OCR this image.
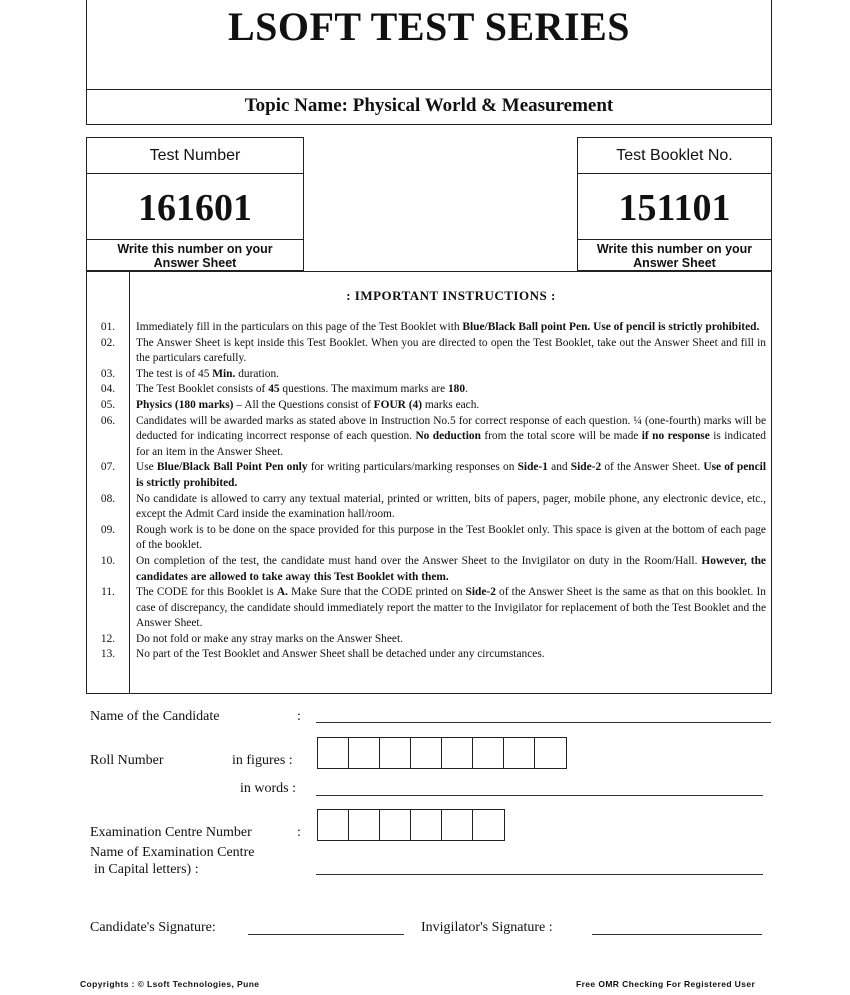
LSOFT TEST SERIES
Topic Name: Physical World & Measurement
Test Number
161601
Write this number on your
Answer Sheet
Test Booklet No.
151101
Write this number on your
Answer Sheet
: IMPORTANT INSTRUCTIONS :
01.	Immediately fill in the particulars on this page of the Test Booklet with Blue/Black Ball point Pen. Use of pencil is strictly prohibited.
02.	The Answer Sheet is kept inside this Test Booklet. When you are directed to open the Test Booklet, take out the Answer Sheet and fill in the particulars carefully.
03.	The test is of 45 Min. duration.
04.	The Test Booklet consists of 45 questions. The maximum marks are 180.
05.	Physics (180 marks) – All the Questions consist of FOUR (4) marks each.
06.	Candidates will be awarded marks as stated above in Instruction No.5 for correct response of each question. ¼ (one-fourth) marks will be deducted for indicating incorrect response of each question. No deduction from the total score will be made if no response is indicated for an item in the Answer Sheet.
07.	Use Blue/Black Ball Point Pen only for writing particulars/marking responses on Side-1 and Side-2 of the Answer Sheet. Use of pencil is strictly prohibited.
08.	No candidate is allowed to carry any textual material, printed or written, bits of papers, pager, mobile phone, any electronic device, etc., except the Admit Card inside the examination hall/room.
09.	Rough work is to be done on the space provided for this purpose in the Test Booklet only. This space is given at the bottom of each page of the booklet.
10.	On completion of the test, the candidate must hand over the Answer Sheet to the Invigilator on duty in the Room/Hall. However, the candidates are allowed to take away this Test Booklet with them.
11.	The CODE for this Booklet is A. Make Sure that the CODE printed on Side-2 of the Answer Sheet is the same as that on this booklet. In case of discrepancy, the candidate should immediately report the matter to the Invigilator for replacement of both the Test Booklet and the Answer Sheet.
12.	Do not fold or make any stray marks on the Answer Sheet.
13.	No part of the Test Booklet and Answer Sheet shall be detached under any circumstances.
Name of the Candidate	:
Roll Number	in figures :
in words :
Examination Centre Number	:
Name of Examination Centre
in Capital letters) :
Candidate's Signature:	Invigilator's Signature :
Copyrights : © Lsoft Technologies, Pune	Free OMR Checking For Registered User
